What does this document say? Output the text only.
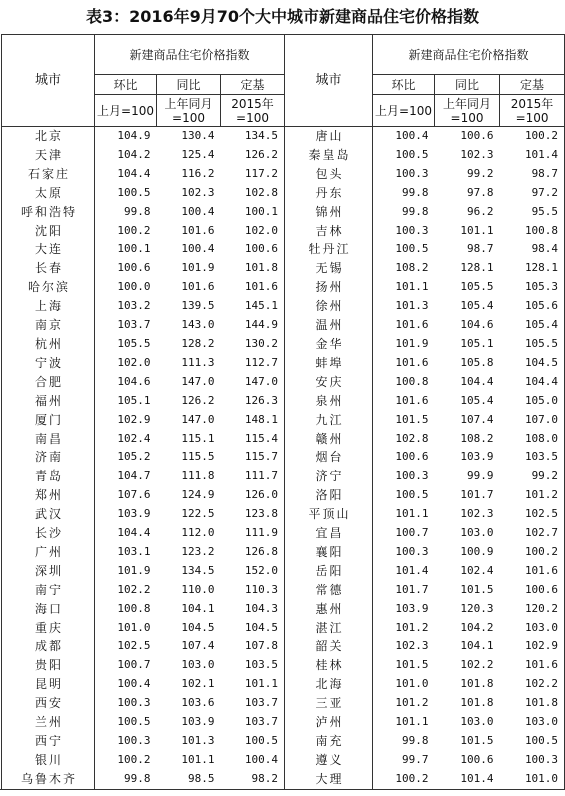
表3：2016年9月70个大中城市新建商品住宅价格指数
城市	新建商品住宅价格指数			城市	新建商品住宅价格指数		
	环比	同比	定基		环比	同比	定基
	上月=100	上年同月=100	2015年=100		上月=100	上年同月=100	2015年=100
北京	104.9	130.4	134.5	唐山	100.4	100.6	100.2
天津	104.2	125.4	126.2	秦皇岛	100.5	102.3	101.4
石家庄	104.4	116.2	117.2	包头	100.3	99.2	98.7
太原	100.5	102.3	102.8	丹东	99.8	97.8	97.2
呼和浩特	99.8	100.4	100.1	锦州	99.8	96.2	95.5
沈阳	100.2	101.6	102.0	吉林	100.3	101.1	100.8
大连	100.1	100.4	100.6	牡丹江	100.5	98.7	98.4
长春	100.6	101.9	101.8	无锡	108.2	128.1	128.1
哈尔滨	100.0	101.6	101.6	扬州	101.1	105.5	105.3
上海	103.2	139.5	145.1	徐州	101.3	105.4	105.6
南京	103.7	143.0	144.9	温州	101.6	104.6	105.4
杭州	105.5	128.2	130.2	金华	101.9	105.1	105.5
宁波	102.0	111.3	112.7	蚌埠	101.6	105.8	104.5
合肥	104.6	147.0	147.0	安庆	100.8	104.4	104.4
福州	105.1	126.2	126.3	泉州	101.6	105.4	105.0
厦门	102.9	147.0	148.1	九江	101.5	107.4	107.0
南昌	102.4	115.1	115.4	赣州	102.8	108.2	108.0
济南	105.2	115.5	115.7	烟台	100.6	103.9	103.5
青岛	104.7	111.8	111.7	济宁	100.3	99.9	99.2
郑州	107.6	124.9	126.0	洛阳	100.5	101.7	101.2
武汉	103.9	122.5	123.8	平顶山	101.1	102.3	102.5
长沙	104.4	112.0	111.9	宜昌	100.7	103.0	102.7
广州	103.1	123.2	126.8	襄阳	100.3	100.9	100.2
深圳	101.9	134.5	152.0	岳阳	101.4	102.4	101.6
南宁	102.2	110.0	110.3	常德	101.7	101.5	100.6
海口	100.8	104.1	104.3	惠州	103.9	120.3	120.2
重庆	101.0	104.5	104.5	湛江	101.2	104.2	103.0
成都	102.5	107.4	107.8	韶关	102.3	104.1	102.9
贵阳	100.7	103.0	103.5	桂林	101.5	102.2	101.6
昆明	100.4	102.1	101.1	北海	101.0	101.8	102.2
西安	100.3	103.6	103.7	三亚	101.2	101.8	101.8
兰州	100.5	103.9	103.7	泸州	101.1	103.0	103.0
西宁	100.3	101.3	100.5	南充	99.8	101.5	100.5
银川	100.2	101.1	100.4	遵义	99.7	100.6	100.3
乌鲁木齐	99.8	98.5	98.2	大理	100.2	101.4	101.0
